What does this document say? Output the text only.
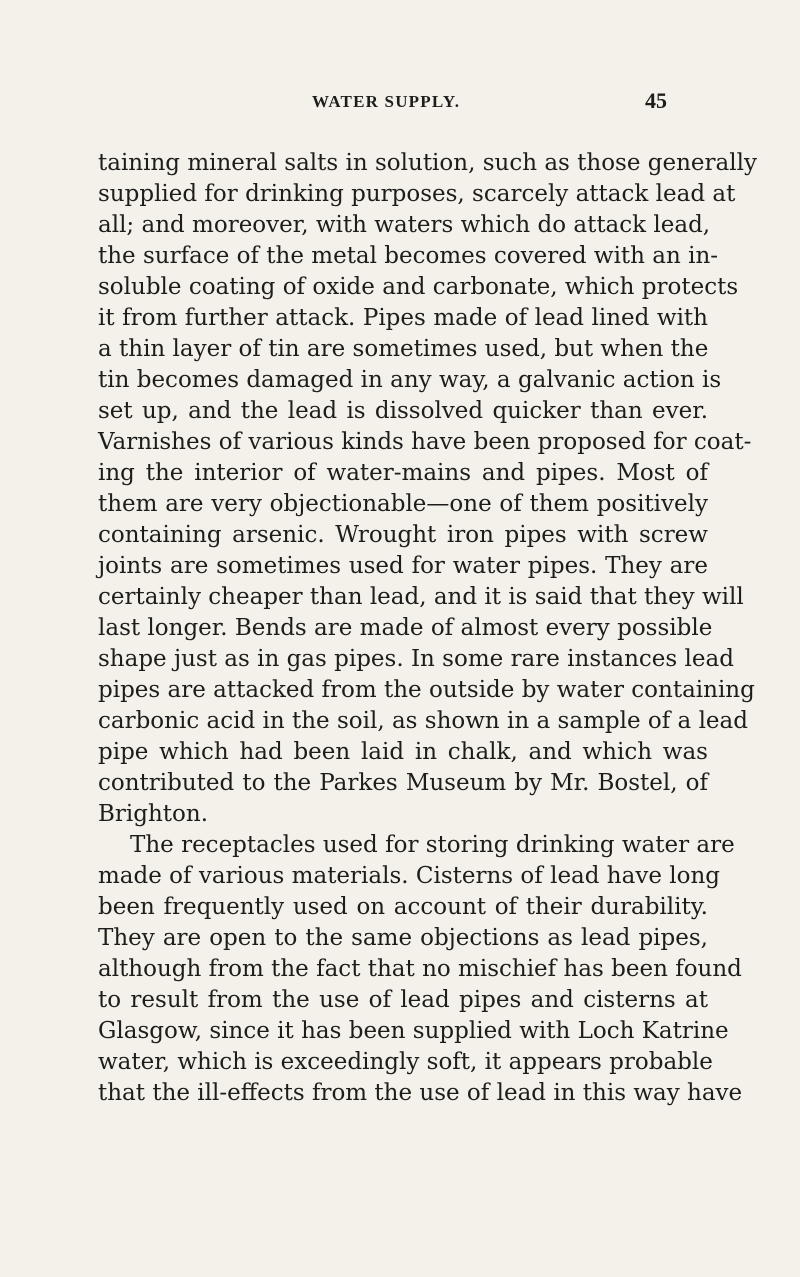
WATER SUPPLY.	45
taining mineral salts in solution, such as those generally
supplied for drinking purposes, scarcely attack lead at
all; and moreover, with waters which do attack lead,
the surface of the metal becomes covered with an in-
soluble coating of oxide and carbonate, which protects
it from further attack. Pipes made of lead lined with
a thin layer of tin are sometimes used, but when the
tin becomes damaged in any way, a galvanic action is
set up, and the lead is dissolved quicker than ever.
Varnishes of various kinds have been proposed for coat-
ing the interior of water-mains and pipes. Most of
them are very objectionable—one of them positively
containing arsenic. Wrought iron pipes with screw
joints are sometimes used for water pipes. They are
certainly cheaper than lead, and it is said that they will
last longer. Bends are made of almost every possible
shape just as in gas pipes. In some rare instances lead
pipes are attacked from the outside by water containing
carbonic acid in the soil, as shown in a sample of a lead
pipe which had been laid in chalk, and which was
contributed to the Parkes Museum by Mr. Bostel, of
Brighton.
The receptacles used for storing drinking water are
made of various materials. Cisterns of lead have long
been frequently used on account of their durability.
They are open to the same objections as lead pipes,
although from the fact that no mischief has been found
to result from the use of lead pipes and cisterns at
Glasgow, since it has been supplied with Loch Katrine
water, which is exceedingly soft, it appears probable
that the ill-effects from the use of lead in this way have
